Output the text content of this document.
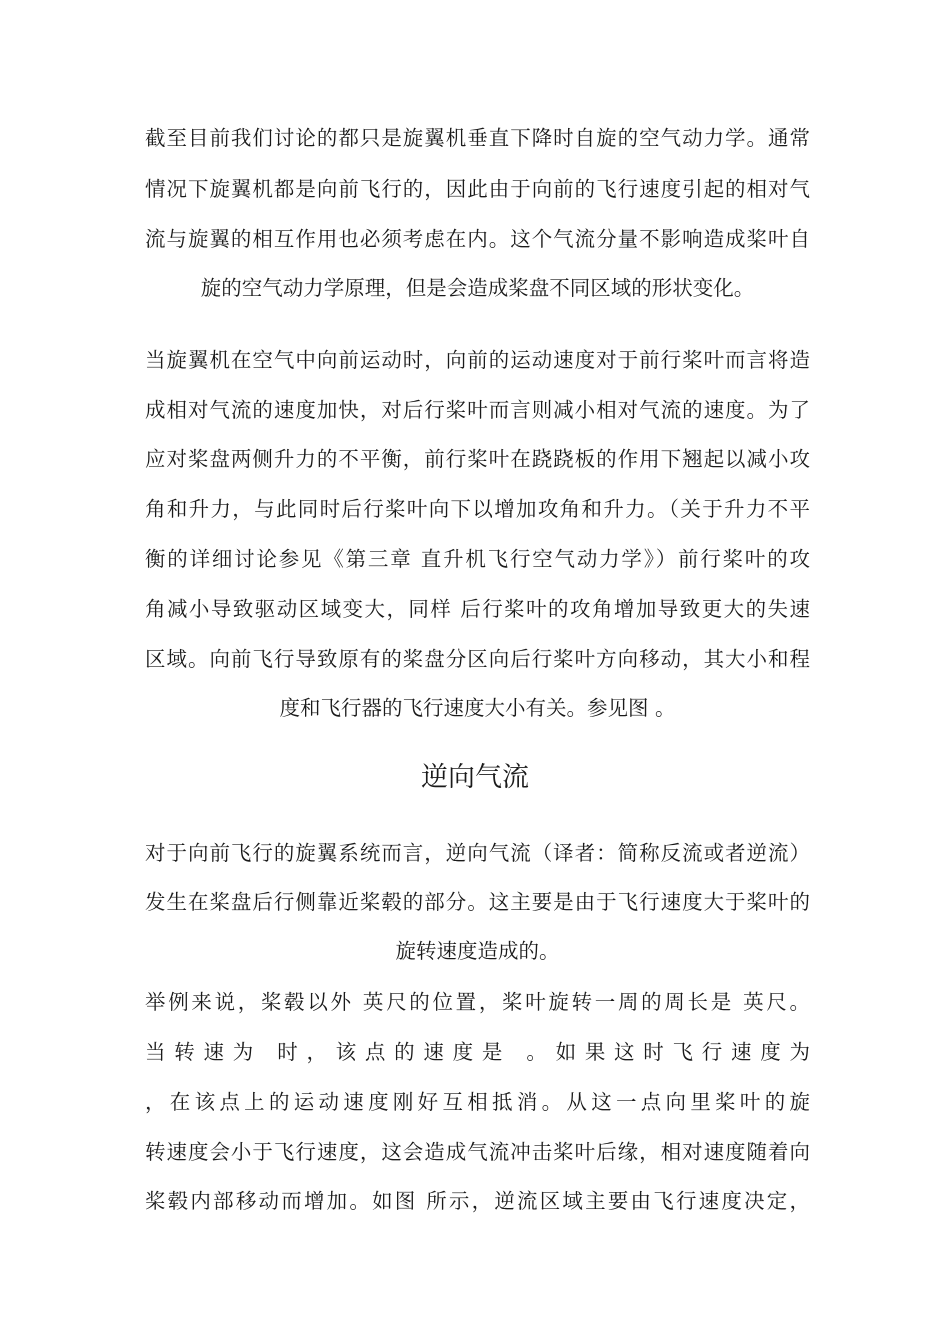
截至目前我们讨论的都只是旋翼机垂直下降时自旋的空气动力学。通常
情况下旋翼机都是向前飞行的，因此由于向前的飞行速度引起的相对气
流与旋翼的相互作用也必须考虑在内。这个气流分量不影响造成桨叶自
旋的空气动力学原理，但是会造成桨盘不同区域的形状变化。
当旋翼机在空气中向前运动时，向前的运动速度对于前行桨叶而言将造
成相对气流的速度加快，对后行桨叶而言则减小相对气流的速度。为了
应对桨盘两侧升力的不平衡，前行桨叶在跷跷板的作用下翘起以减小攻
角和升力，与此同时后行桨叶向下以增加攻角和升力。（关于升力不平
衡的详细讨论参见《第三章 直升机飞行空气动力学》）前行桨叶的攻
角减小导致驱动区域变大，同样 后行桨叶的攻角增加导致更大的失速
区域。向前飞行导致原有的桨盘分区向后行桨叶方向移动，其大小和程
度和飞行器的飞行速度大小有关。参见图 。
逆向气流
对于向前飞行的旋翼系统而言，逆向气流（译者：简称反流或者逆流）
发生在桨盘后行侧靠近桨毂的部分。这主要是由于飞行速度大于桨叶的
旋转速度造成的。
举例来说，桨毂以外 英尺的位置，桨叶旋转一周的周长是 英尺。
当转速为 时，该点的速度是 。如果这时飞行速度为
，在该点上的运动速度刚好互相抵消。从这一点向里桨叶的旋
转速度会小于飞行速度，这会造成气流冲击桨叶后缘，相对速度随着向
桨毂内部移动而增加。如图 所示，逆流区域主要由飞行速度决定，
